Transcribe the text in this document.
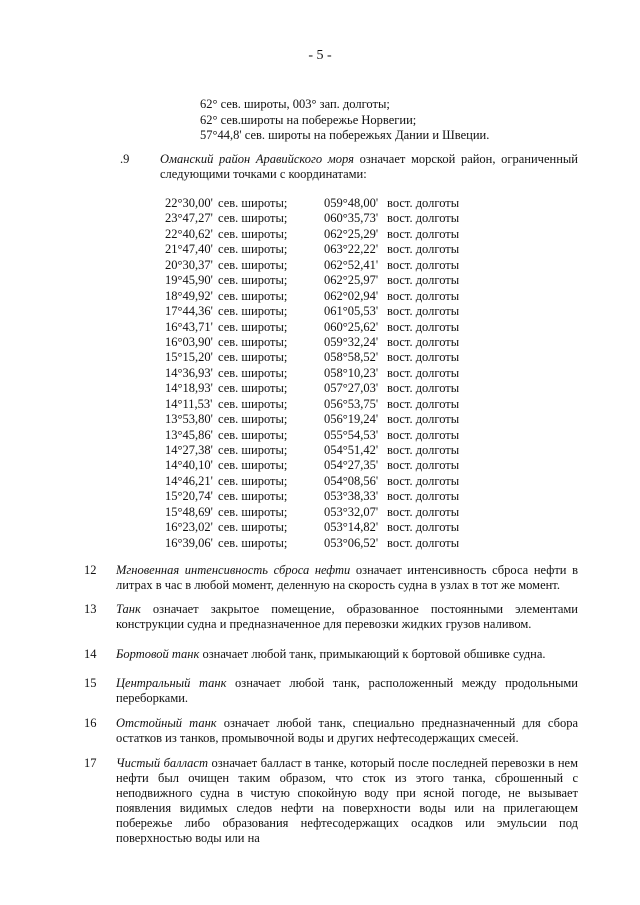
- 5 -
62° сев. широты, 003° зап. долготы;
62° сев.широты на побережье Норвегии;
57°44,8' сев. широты на побережьях Дании и Швеции.
.9 Оманский район Аравийского моря означает морской район, ограниченный следующими точками с координатами:
22°30,00' сев. широты;	059°48,00' вост. долготы
23°47,27' сев. широты;	060°35,73' вост. долготы
22°40,62' сев. широты;	062°25,29' вост. долготы
21°47,40' сев. широты;	063°22,22' вост. долготы
20°30,37' сев. широты;	062°52,41' вост. долготы
19°45,90' сев. широты;	062°25,97' вост. долготы
18°49,92' сев. широты;	062°02,94' вост. долготы
17°44,36' сев. широты;	061°05,53' вост. долготы
16°43,71' сев. широты;	060°25,62' вост. долготы
16°03,90' сев. широты;	059°32,24' вост. долготы
15°15,20' сев. широты;	058°58,52' вост. долготы
14°36,93' сев. широты;	058°10,23' вост. долготы
14°18,93' сев. широты;	057°27,03' вост. долготы
14°11,53' сев. широты;	056°53,75' вост. долготы
13°53,80' сев. широты;	056°19,24' вост. долготы
13°45,86' сев. широты;	055°54,53' вост. долготы
14°27,38' сев. широты;	054°51,42' вост. долготы
14°40,10' сев. широты;	054°27,35' вост. долготы
14°46,21' сев. широты;	054°08,56' вост. долготы
15°20,74' сев. широты;	053°38,33' вост. долготы
15°48,69' сев. широты;	053°32,07' вост. долготы
16°23,02' сев. широты;	053°14,82' вост. долготы
16°39,06' сев. широты;	053°06,52' вост. долготы
12 Мгновенная интенсивность сброса нефти означает интенсивность сброса нефти в литрах в час в любой момент, деленную на скорость судна в узлах в тот же момент.
13 Танк означает закрытое помещение, образованное постоянными элементами конструкции судна и предназначенное для перевозки жидких грузов наливом.
14 Бортовой танк означает любой танк, примыкающий к бортовой обшивке судна.
15 Центральный танк означает любой танк, расположенный между продольными переборками.
16 Отстойный танк означает любой танк, специально предназначенный для сбора остатков из танков, промывочной воды и других нефтесодержащих смесей.
17 Чистый балласт означает балласт в танке, который после последней перевозки в нем нефти был очищен таким образом, что сток из этого танка, сброшенный с неподвижного судна в чистую спокойную воду при ясной погоде, не вызывает появления видимых следов нефти на поверхности воды или на прилегающем побережье либо образования нефтесодержащих осадков или эмульсии под поверхностью воды или на
